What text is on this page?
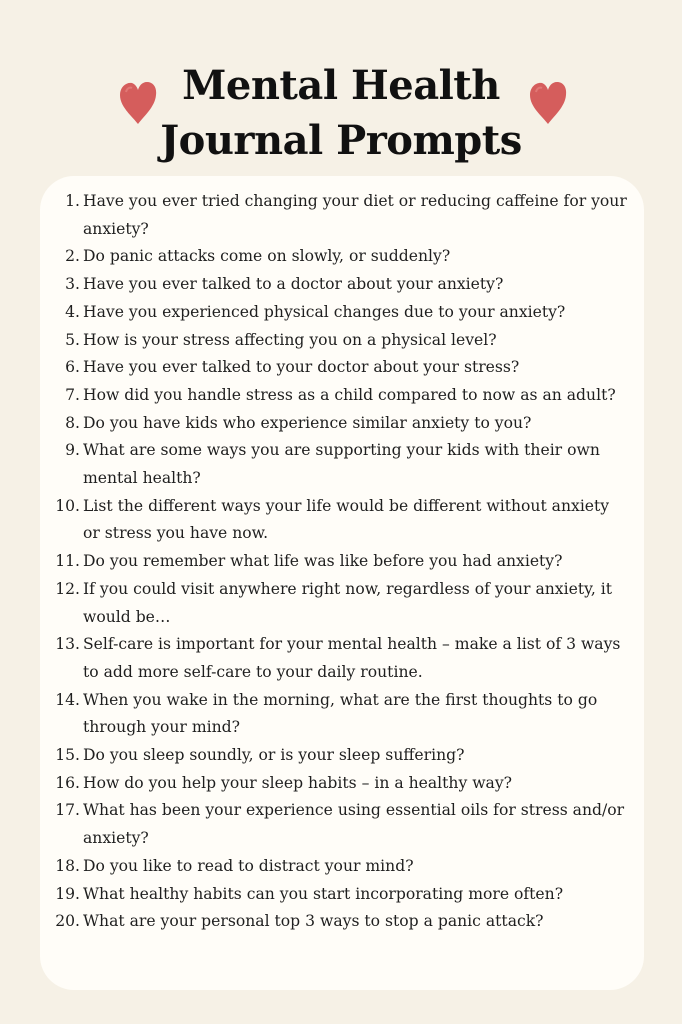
Mental Health
Journal Prompts
1. Have you ever tried changing your diet or reducing caffeine for your anxiety?
2. Do panic attacks come on slowly, or suddenly?
3. Have you ever talked to a doctor about your anxiety?
4. Have you experienced physical changes due to your anxiety?
5. How is your stress affecting you on a physical level?
6. Have you ever talked to your doctor about your stress?
7. How did you handle stress as a child compared to now as an adult?
8. Do you have kids who experience similar anxiety to you?
9. What are some ways you are supporting your kids with their own mental health?
10. List the different ways your life would be different without anxiety or stress you have now.
11. Do you remember what life was like before you had anxiety?
12. If you could visit anywhere right now, regardless of your anxiety, it would be…
13. Self-care is important for your mental health – make a list of 3 ways to add more self-care to your daily routine.
14. When you wake in the morning, what are the first thoughts to go through your mind?
15. Do you sleep soundly, or is your sleep suffering?
16. How do you help your sleep habits – in a healthy way?
17. What has been your experience using essential oils for stress and/or anxiety?
18. Do you like to read to distract your mind?
19. What healthy habits can you start incorporating more often?
20. What are your personal top 3 ways to stop a panic attack?
